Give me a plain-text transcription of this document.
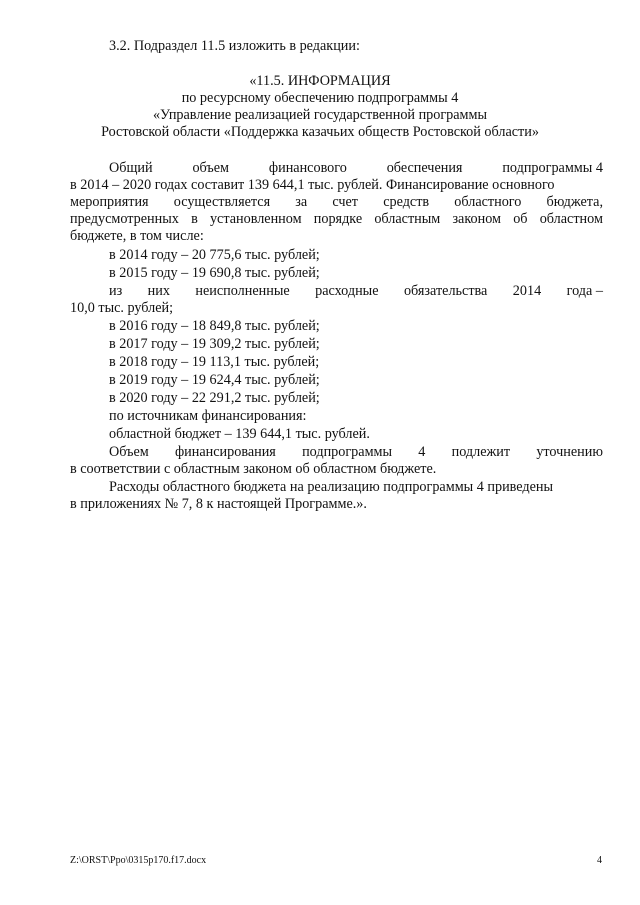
3.2. Подраздел 11.5 изложить в редакции:
«11.5. ИНФОРМАЦИЯ
по ресурсному обеспечению подпрограммы 4
«Управление реализацией государственной программы
Ростовской области «Поддержка казачьих обществ Ростовской области»
Общий	объем	финансового	обеспечения	подпрограммы 4
в 2014 – 2020 годах составит 139 644,1 тыс. рублей. Финансирование основного
мероприятия осуществляется за счет средств областного бюджета,
предусмотренных в установленном порядке областным законом об областном
бюджете, в том числе:
в 2014 году – 20 775,6 тыс. рублей;
в 2015 году – 19 690,8 тыс. рублей;
из них неисполненные расходные обязательства 2014 года –
10,0 тыс. рублей;
в 2016 году – 18 849,8 тыс. рублей;
в 2017 году – 19 309,2 тыс. рублей;
в 2018 году – 19 113,1 тыс. рублей;
в 2019 году – 19 624,4 тыс. рублей;
в 2020 году – 22 291,2 тыс. рублей;
по источникам финансирования:
областной бюджет – 139 644,1 тыс. рублей.
Объем финансирования подпрограммы 4 подлежит уточнению
в соответствии с областным законом об областном бюджете.
Расходы областного бюджета на реализацию подпрограммы 4 приведены
в приложениях № 7, 8 к настоящей Программе.».
Z:\ORST\Ppo\0315p170.f17.docx	4
